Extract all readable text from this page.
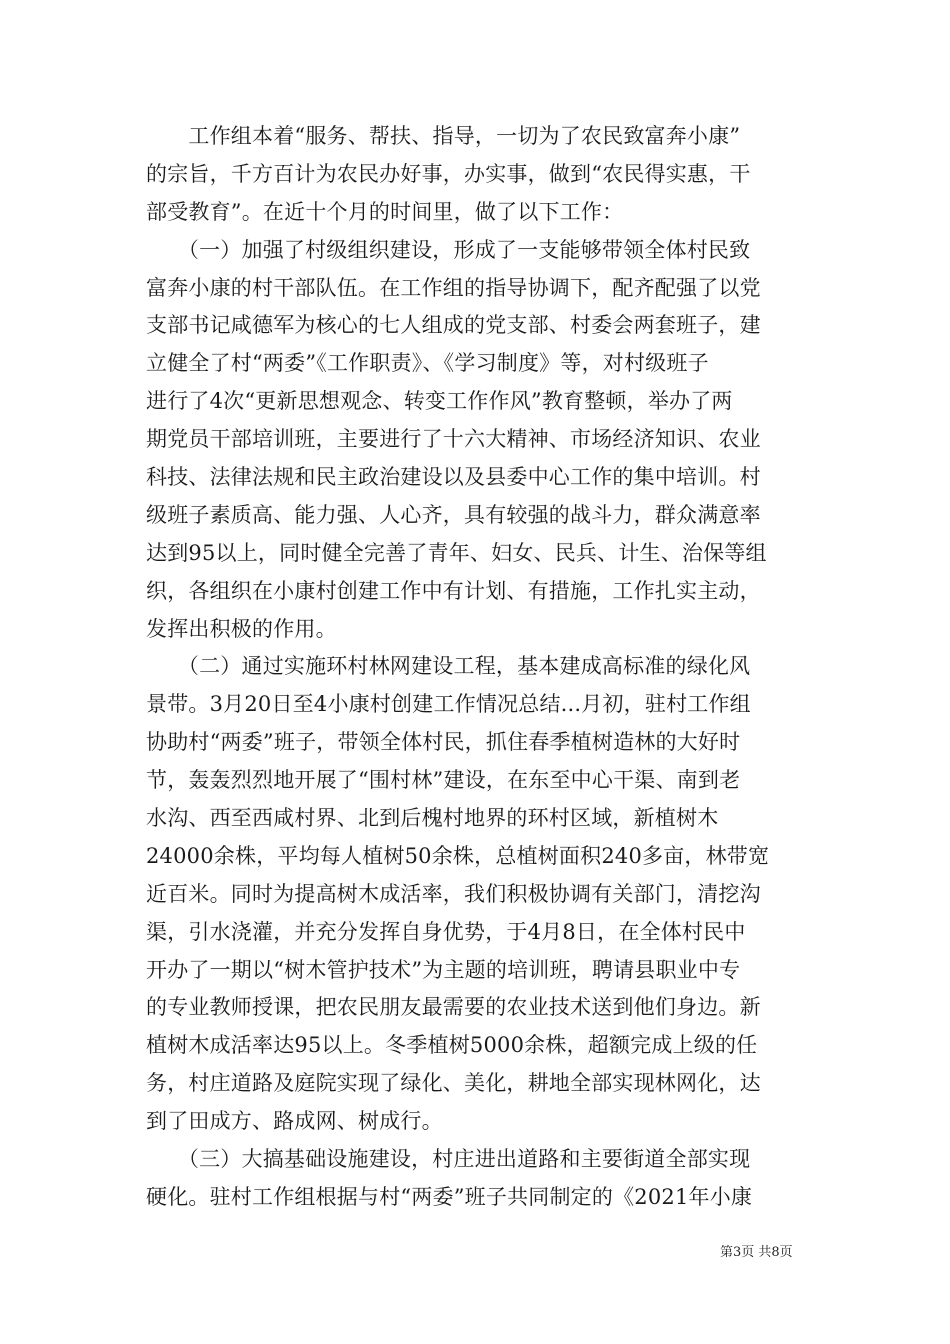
　　工作组本着“服务、帮扶、指导，一切为了农民致富奔小康”
的宗旨，千方百计为农民办好事，办实事，做到“农民得实惠，干
部受教育”。在近十个月的时间里，做了以下工作：
　　（一）加强了村级组织建设，形成了一支能够带领全体村民致
富奔小康的村干部队伍。在工作组的指导协调下，配齐配强了以党
支部书记咸德军为核心的七人组成的党支部、村委会两套班子，建
立健全了村“两委”《工作职责》、《学习制度》等，对村级班子
进行了4次“更新思想观念、转变工作作风”教育整顿，举办了两
期党员干部培训班，主要进行了十六大精神、市场经济知识、农业
科技、法律法规和民主政治建设以及县委中心工作的集中培训。村
级班子素质高、能力强、人心齐，具有较强的战斗力，群众满意率
达到95以上，同时健全完善了青年、妇女、民兵、计生、治保等组
织，各组织在小康村创建工作中有计划、有措施，工作扎实主动，
发挥出积极的作用。
　　（二）通过实施环村林网建设工程，基本建成高标准的绿化风
景带。3月20日至4小康村创建工作情况总结...月初，驻村工作组
协助村“两委”班子，带领全体村民，抓住春季植树造林的大好时
节，轰轰烈烈地开展了“围村林”建设，在东至中心干渠、南到老
水沟、西至西咸村界、北到后槐村地界的环村区域，新植树木
24000余株，平均每人植树50余株，总植树面积240多亩，林带宽
近百米。同时为提高树木成活率，我们积极协调有关部门，清挖沟
渠，引水浇灌，并充分发挥自身优势，于4月8日，在全体村民中
开办了一期以“树木管护技术”为主题的培训班，聘请县职业中专
的专业教师授课，把农民朋友最需要的农业技术送到他们身边。新
植树木成活率达95以上。冬季植树5000余株，超额完成上级的任
务，村庄道路及庭院实现了绿化、美化，耕地全部实现林网化，达
到了田成方、路成网、树成行。
　　（三）大搞基础设施建设，村庄进出道路和主要街道全部实现
硬化。驻村工作组根据与村“两委”班子共同制定的《2021年小康
第3页 共8页
